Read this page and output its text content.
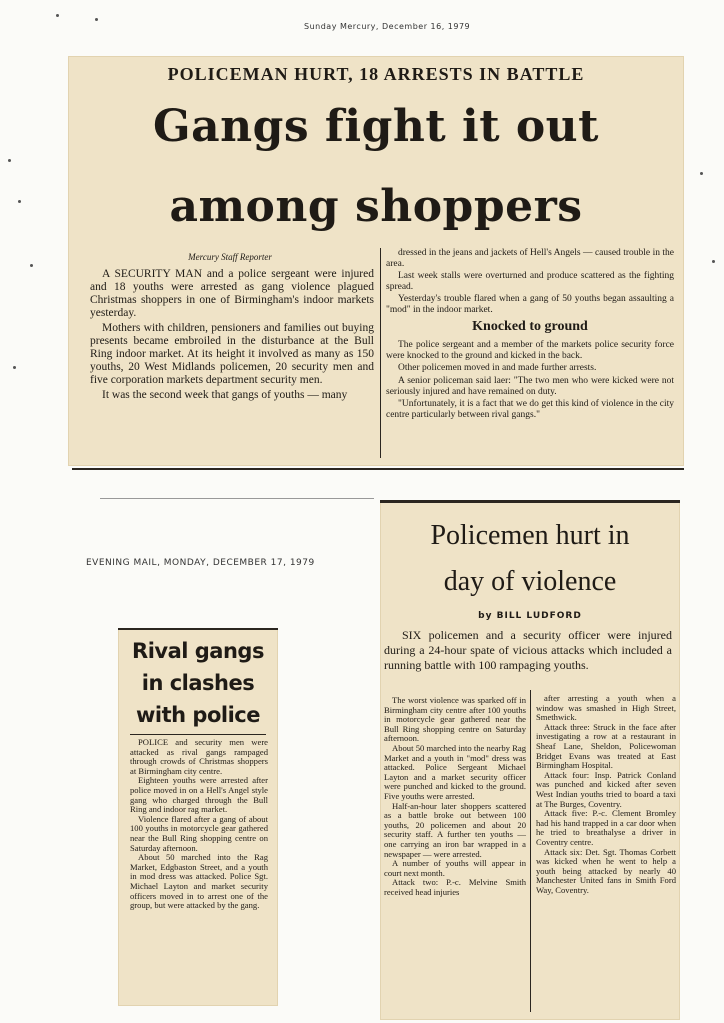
Sunday Mercury, December 16, 1979
POLICEMAN HURT, 18 ARRESTS IN BATTLE
Gangs fight it out
among shoppers
Mercury Staff Reporter

A SECURITY MAN and a police sergeant were injured and 18 youths were arrested as gang violence plagued Christmas shoppers in one of Birmingham's indoor markets yesterday.

Mothers with children, pensioners and families out buying presents became embroiled in the disturbance at the Bull Ring indoor market. At its height it involved as many as 150 youths, 20 West Midlands policemen, 20 security men and five corporation markets department security men.

It was the second week that gangs of youths — many

dressed in the jeans and jackets of Hell's Angels — caused trouble in the area.

Last week stalls were overturned and produce scattered as the fighting spread.

Yesterday's trouble flared when a gang of 50 youths began assaulting a "mod" in the indoor market.

Knocked to ground

The police sergeant and a member of the markets police security force were knocked to the ground and kicked in the back.

Other policemen moved in and made further arrests.

A senior policeman said laer: "The two men who were kicked were not seriously injured and have remained on duty.

"Unfortunately, it is a fact that we do get this kind of violence in the city centre particularly between rival gangs."

EVENING MAIL, MONDAY, DECEMBER 17, 1979
Rival gangs
in clashes
with police

POLICE and security men were attacked as rival gangs rampaged through crowds of Christmas shoppers at Birmingham city centre.

Eighteen youths were arrested after police moved in on a Hell's Angel style gang who charged through the Bull Ring and indoor rag market.

Violence flared after a gang of about 100 youths in motorcycle gear gathered near the Bull Ring shopping centre on Saturday afternoon.

About 50 marched into the Rag Market, Edgbaston Street, and a youth in mod dress was attacked. Police Sgt. Michael Layton and market security officers moved in to arrest one of the group, but were attacked by the gang.

Policemen hurt in
day of violence
by BILL LUDFORD
SIX policemen and a security officer were injured during a 24-hour spate of vicious attacks which included a running battle with 100 rampaging youths.

The worst violence was sparked off in Birmingham city centre after 100 youths in motorcycle gear gathered near the Bull Ring shopping centre on Saturday afternoon.

About 50 marched into the nearby Rag Market and a youth in "mod" dress was attacked. Police Sergeant Michael Layton and a market security officer were punched and kicked to the ground. Five youths were arrested.

Half-an-hour later shoppers scattered as a battle broke out between 100 youths, 20 policemen and about 20 security staff. A further ten youths — one carrying an iron bar wrapped in a newspaper — were arrested.

A number of youths will appear in court next month.

Attack two: P.-c. Melvine Smith received head injuries

after arresting a youth when a window was smashed in High Street, Smethwick.

Attack three: Struck in the face after investigating a row at a restaurant in Sheaf Lane, Sheldon, Policewoman Bridget Evans was treated at East Birmingham Hospital.

Attack four: Insp. Patrick Conland was punched and kicked after seven West Indian youths tried to board a taxi at The Burges, Coventry.

Attack five: P.-c. Clement Bromley had his hand trapped in a car door when he tried to breathalyse a driver in Coventry centre.

Attack six: Det. Sgt. Thomas Corbett was kicked when he went to help a youth being attacked by nearly 40 Manchester United fans in Smith Ford Way, Coventry.
